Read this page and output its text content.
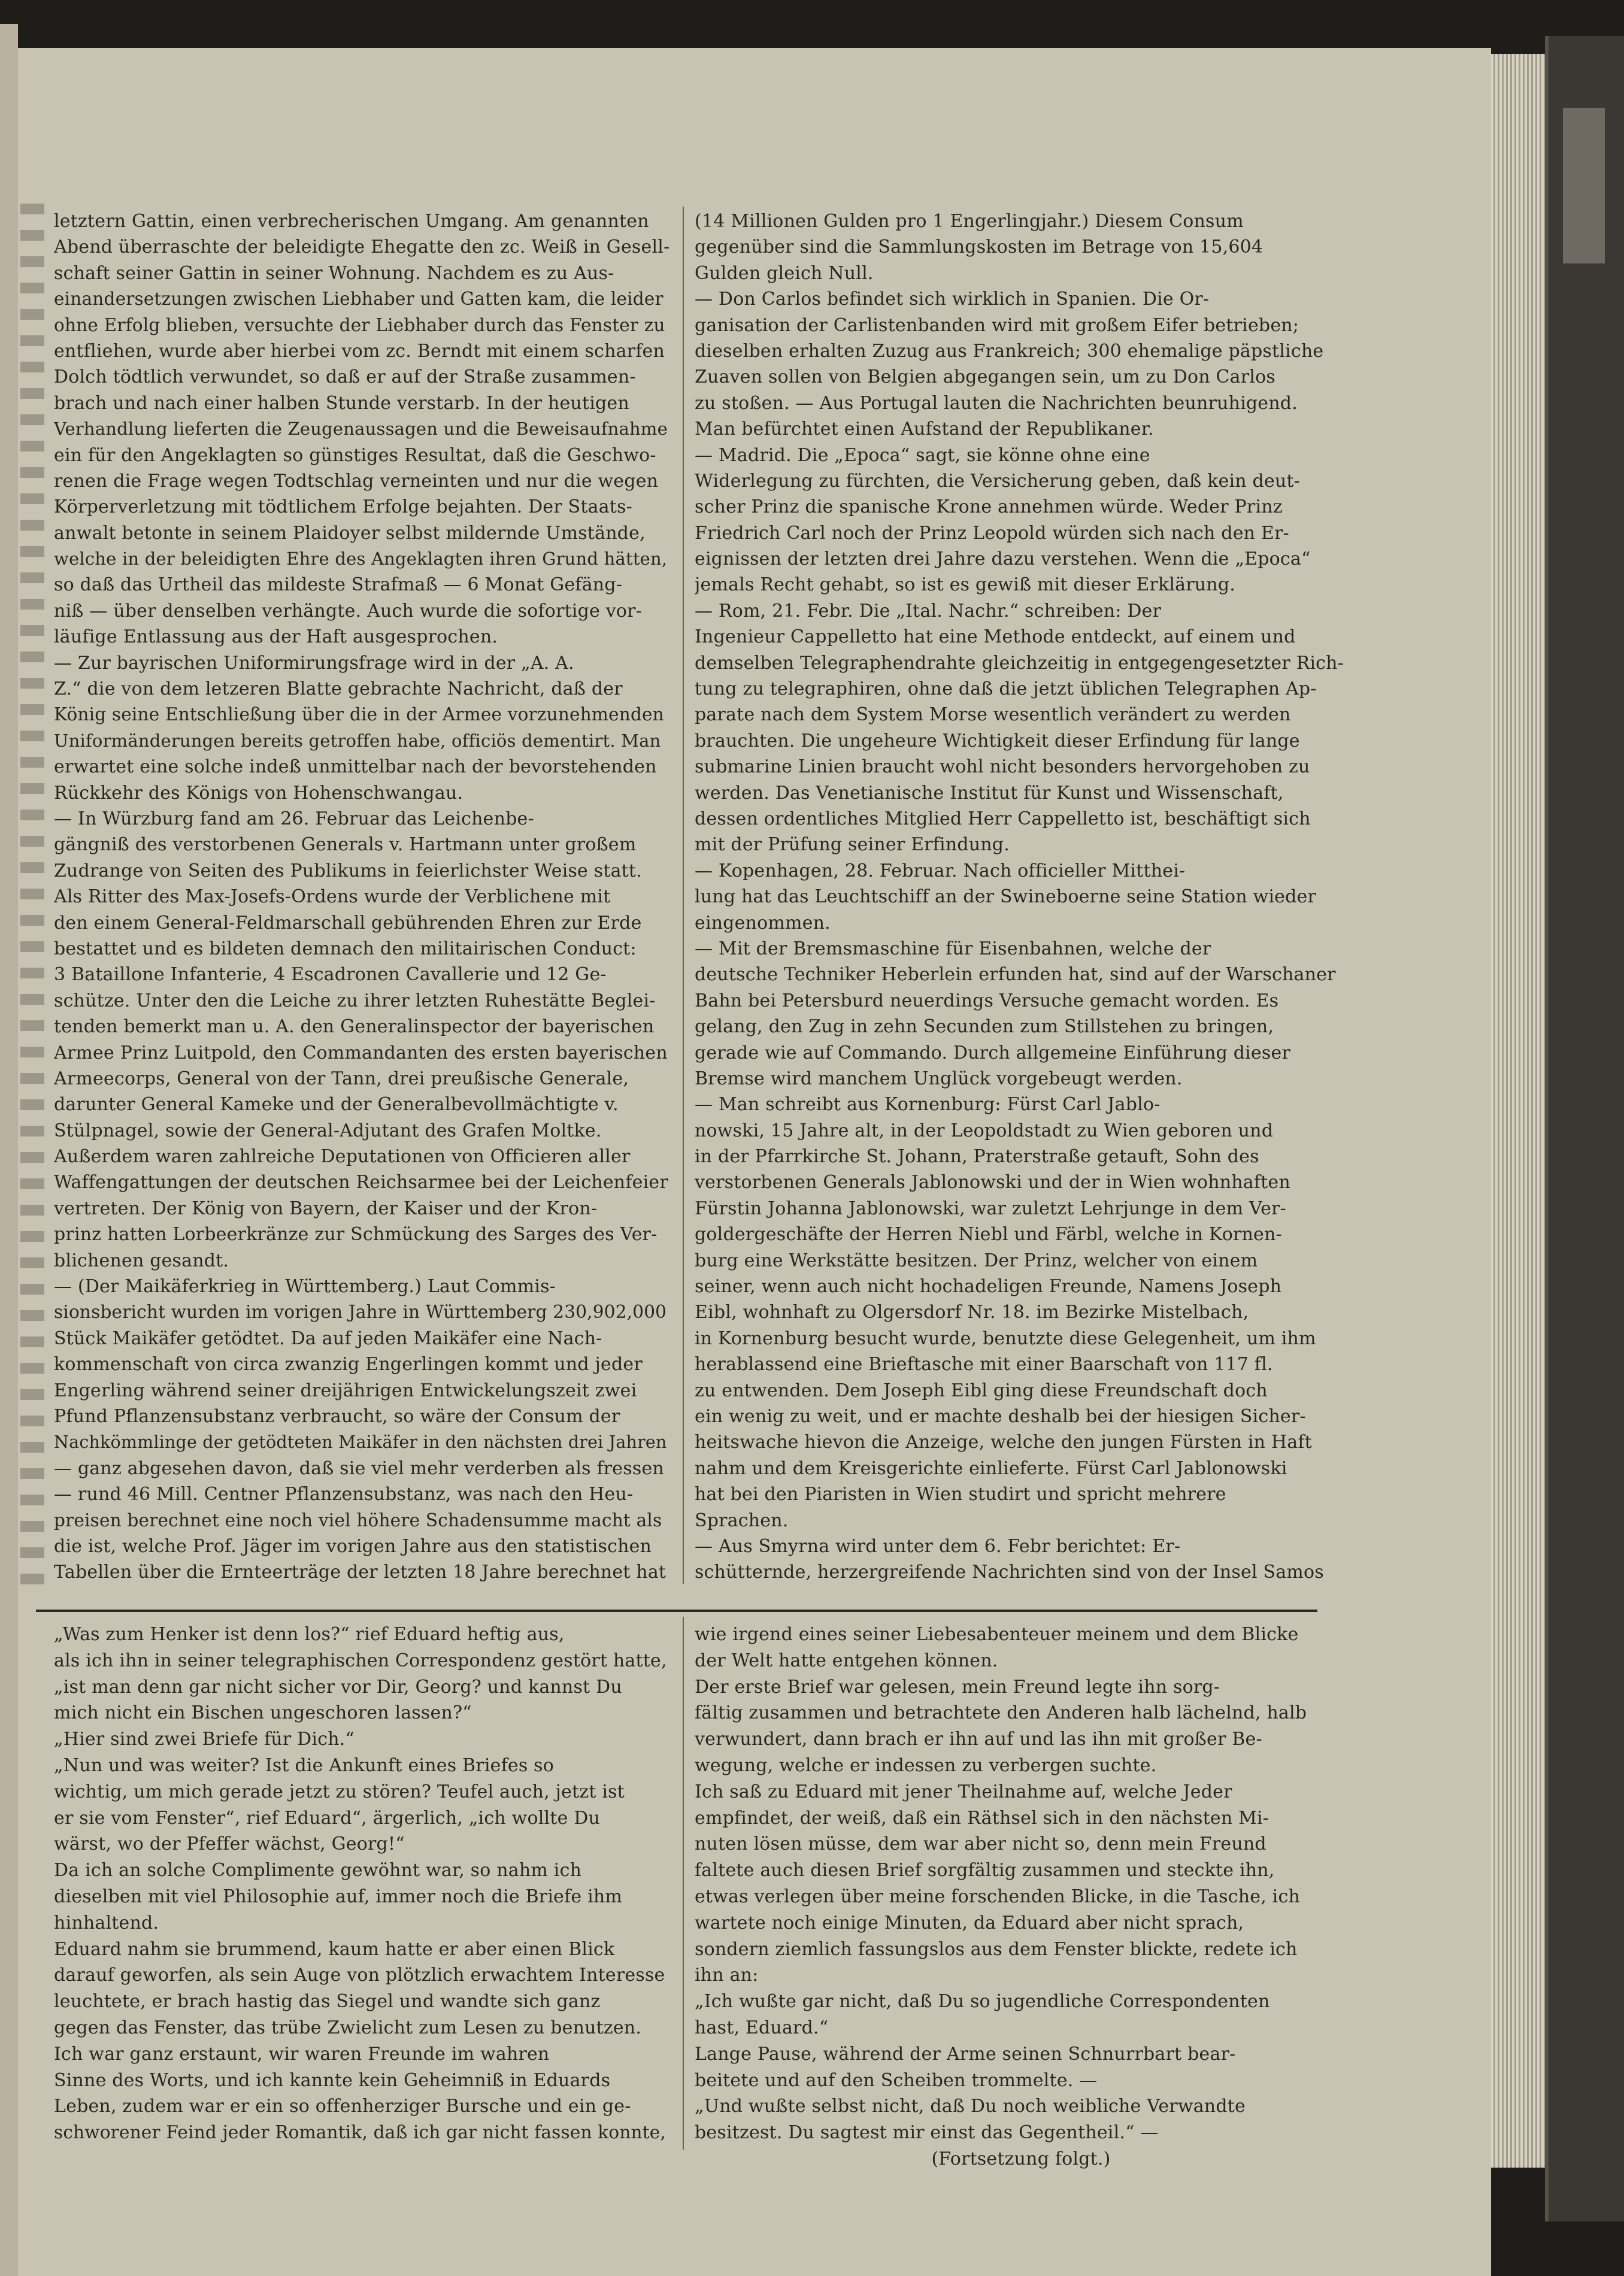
letztern Gattin, einen verbrecherischen Umgang. Am genannten
Abend überraschte der beleidigte Ehegatte den zc. Weiß in Gesell-
schaft seiner Gattin in seiner Wohnung. Nachdem es zu Aus-
einandersetzungen zwischen Liebhaber und Gatten kam, die leider
ohne Erfolg blieben, versuchte der Liebhaber durch das Fenster zu
entfliehen, wurde aber hierbei vom zc. Berndt mit einem scharfen
Dolch tödtlich verwundet, so daß er auf der Straße zusammen-
brach und nach einer halben Stunde verstarb. In der heutigen
Verhandlung lieferten die Zeugenaussagen und die Beweisaufnahme
ein für den Angeklagten so günstiges Resultat, daß die Geschwo-
renen die Frage wegen Todtschlag verneinten und nur die wegen
Körperverletzung mit tödtlichem Erfolge bejahten. Der Staats-
anwalt betonte in seinem Plaidoyer selbst mildernde Umstände,
welche in der beleidigten Ehre des Angeklagten ihren Grund hätten,
so daß das Urtheil das mildeste Strafmaß — 6 Monat Gefäng-
niß — über denselben verhängte. Auch wurde die sofortige vor-
läufige Entlassung aus der Haft ausgesprochen.
— Zur bayrischen Uniformirungsfrage wird in der „A. A.
Z.“ die von dem letzeren Blatte gebrachte Nachricht, daß der
König seine Entschließung über die in der Armee vorzunehmenden
Uniformänderungen bereits getroffen habe, officiös dementirt. Man
erwartet eine solche indeß unmittelbar nach der bevorstehenden
Rückkehr des Königs von Hohenschwangau.
— In Würzburg fand am 26. Februar das Leichenbe-
gängniß des verstorbenen Generals v. Hartmann unter großem
Zudrange von Seiten des Publikums in feierlichster Weise statt.
Als Ritter des Max-Josefs-Ordens wurde der Verblichene mit
den einem General-Feldmarschall gebührenden Ehren zur Erde
bestattet und es bildeten demnach den militairischen Conduct:
3 Bataillone Infanterie, 4 Escadronen Cavallerie und 12 Ge-
schütze. Unter den die Leiche zu ihrer letzten Ruhestätte Beglei-
tenden bemerkt man u. A. den Generalinspector der bayerischen
Armee Prinz Luitpold, den Commandanten des ersten bayerischen
Armeecorps, General von der Tann, drei preußische Generale,
darunter General Kameke und der Generalbevollmächtigte v.
Stülpnagel, sowie der General-Adjutant des Grafen Moltke.
Außerdem waren zahlreiche Deputationen von Officieren aller
Waffengattungen der deutschen Reichsarmee bei der Leichenfeier
vertreten. Der König von Bayern, der Kaiser und der Kron-
prinz hatten Lorbeerkränze zur Schmückung des Sarges des Ver-
blichenen gesandt.
— (Der Maikäferkrieg in Württemberg.) Laut Commis-
sionsbericht wurden im vorigen Jahre in Württemberg 230,902,000
Stück Maikäfer getödtet. Da auf jeden Maikäfer eine Nach-
kommenschaft von circa zwanzig Engerlingen kommt und jeder
Engerling während seiner dreijährigen Entwickelungszeit zwei
Pfund Pflanzensubstanz verbraucht, so wäre der Consum der
Nachkömmlinge der getödteten Maikäfer in den nächsten drei Jahren
— ganz abgesehen davon, daß sie viel mehr verderben als fressen
— rund 46 Mill. Centner Pflanzensubstanz, was nach den Heu-
preisen berechnet eine noch viel höhere Schadensumme macht als
die ist, welche Prof. Jäger im vorigen Jahre aus den statistischen
Tabellen über die Ernteerträge der letzten 18 Jahre berechnet hat
(14 Millionen Gulden pro 1 Engerlingjahr.) Diesem Consum
gegenüber sind die Sammlungskosten im Betrage von 15,604
Gulden gleich Null.
— Don Carlos befindet sich wirklich in Spanien. Die Or-
ganisation der Carlistenbanden wird mit großem Eifer betrieben;
dieselben erhalten Zuzug aus Frankreich; 300 ehemalige päpstliche
Zuaven sollen von Belgien abgegangen sein, um zu Don Carlos
zu stoßen. — Aus Portugal lauten die Nachrichten beunruhigend.
Man befürchtet einen Aufstand der Republikaner.
— Madrid. Die „Epoca“ sagt, sie könne ohne eine
Widerlegung zu fürchten, die Versicherung geben, daß kein deut-
scher Prinz die spanische Krone annehmen würde. Weder Prinz
Friedrich Carl noch der Prinz Leopold würden sich nach den Er-
eignissen der letzten drei Jahre dazu verstehen. Wenn die „Epoca“
jemals Recht gehabt, so ist es gewiß mit dieser Erklärung.
— Rom, 21. Febr. Die „Ital. Nachr.“ schreiben: Der
Ingenieur Cappelletto hat eine Methode entdeckt, auf einem und
demselben Telegraphendrahte gleichzeitig in entgegengesetzter Rich-
tung zu telegraphiren, ohne daß die jetzt üblichen Telegraphen Ap-
parate nach dem System Morse wesentlich verändert zu werden
brauchten. Die ungeheure Wichtigkeit dieser Erfindung für lange
submarine Linien braucht wohl nicht besonders hervorgehoben zu
werden. Das Venetianische Institut für Kunst und Wissenschaft,
dessen ordentliches Mitglied Herr Cappelletto ist, beschäftigt sich
mit der Prüfung seiner Erfindung.
— Kopenhagen, 28. Februar. Nach officieller Mitthei-
lung hat das Leuchtschiff an der Swineboerne seine Station wieder
eingenommen.
— Mit der Bremsmaschine für Eisenbahnen, welche der
deutsche Techniker Heberlein erfunden hat, sind auf der Warschaner
Bahn bei Petersburd neuerdings Versuche gemacht worden. Es
gelang, den Zug in zehn Secunden zum Stillstehen zu bringen,
gerade wie auf Commando. Durch allgemeine Einführung dieser
Bremse wird manchem Unglück vorgebeugt werden.
— Man schreibt aus Kornenburg: Fürst Carl Jablo-
nowski, 15 Jahre alt, in der Leopoldstadt zu Wien geboren und
in der Pfarrkirche St. Johann, Praterstraße getauft, Sohn des
verstorbenen Generals Jablonowski und der in Wien wohnhaften
Fürstin Johanna Jablonowski, war zuletzt Lehrjunge in dem Ver-
goldergeschäfte der Herren Niebl und Färbl, welche in Kornen-
burg eine Werkstätte besitzen. Der Prinz, welcher von einem
seiner, wenn auch nicht hochadeligen Freunde, Namens Joseph
Eibl, wohnhaft zu Olgersdorf Nr. 18. im Bezirke Mistelbach,
in Kornenburg besucht wurde, benutzte diese Gelegenheit, um ihm
herablassend eine Brieftasche mit einer Baarschaft von 117 fl.
zu entwenden. Dem Joseph Eibl ging diese Freundschaft doch
ein wenig zu weit, und er machte deshalb bei der hiesigen Sicher-
heitswache hievon die Anzeige, welche den jungen Fürsten in Haft
nahm und dem Kreisgerichte einlieferte. Fürst Carl Jablonowski
hat bei den Piaristen in Wien studirt und spricht mehrere
Sprachen.
— Aus Smyrna wird unter dem 6. Febr berichtet: Er-
schütternde, herzergreifende Nachrichten sind von der Insel Samos
„Was zum Henker ist denn los?“ rief Eduard heftig aus,
als ich ihn in seiner telegraphischen Correspondenz gestört hatte,
„ist man denn gar nicht sicher vor Dir, Georg? und kannst Du
mich nicht ein Bischen ungeschoren lassen?“
„Hier sind zwei Briefe für Dich.“
„Nun und was weiter? Ist die Ankunft eines Briefes so
wichtig, um mich gerade jetzt zu stören? Teufel auch, jetzt ist
er sie vom Fenster“, rief Eduard“, ärgerlich, „ich wollte Du
wärst, wo der Pfeffer wächst, Georg!“
Da ich an solche Complimente gewöhnt war, so nahm ich
dieselben mit viel Philosophie auf, immer noch die Briefe ihm
hinhaltend.
Eduard nahm sie brummend, kaum hatte er aber einen Blick
darauf geworfen, als sein Auge von plötzlich erwachtem Interesse
leuchtete, er brach hastig das Siegel und wandte sich ganz
gegen das Fenster, das trübe Zwielicht zum Lesen zu benutzen.
Ich war ganz erstaunt, wir waren Freunde im wahren
Sinne des Worts, und ich kannte kein Geheimniß in Eduards
Leben, zudem war er ein so offenherziger Bursche und ein ge-
schworener Feind jeder Romantik, daß ich gar nicht fassen konnte,
wie irgend eines seiner Liebesabenteuer meinem und dem Blicke
der Welt hatte entgehen können.
Der erste Brief war gelesen, mein Freund legte ihn sorg-
fältig zusammen und betrachtete den Anderen halb lächelnd, halb
verwundert, dann brach er ihn auf und las ihn mit großer Be-
wegung, welche er indessen zu verbergen suchte.
Ich saß zu Eduard mit jener Theilnahme auf, welche Jeder
empfindet, der weiß, daß ein Räthsel sich in den nächsten Mi-
nuten lösen müsse, dem war aber nicht so, denn mein Freund
faltete auch diesen Brief sorgfältig zusammen und steckte ihn,
etwas verlegen über meine forschenden Blicke, in die Tasche, ich
wartete noch einige Minuten, da Eduard aber nicht sprach,
sondern ziemlich fassungslos aus dem Fenster blickte, redete ich
ihn an:
„Ich wußte gar nicht, daß Du so jugendliche Correspondenten
hast, Eduard.“
Lange Pause, während der Arme seinen Schnurrbart bear-
beitete und auf den Scheiben trommelte. —
„Und wußte selbst nicht, daß Du noch weibliche Verwandte
besitzest. Du sagtest mir einst das Gegentheil.“ —
(Fortsetzung folgt.)
